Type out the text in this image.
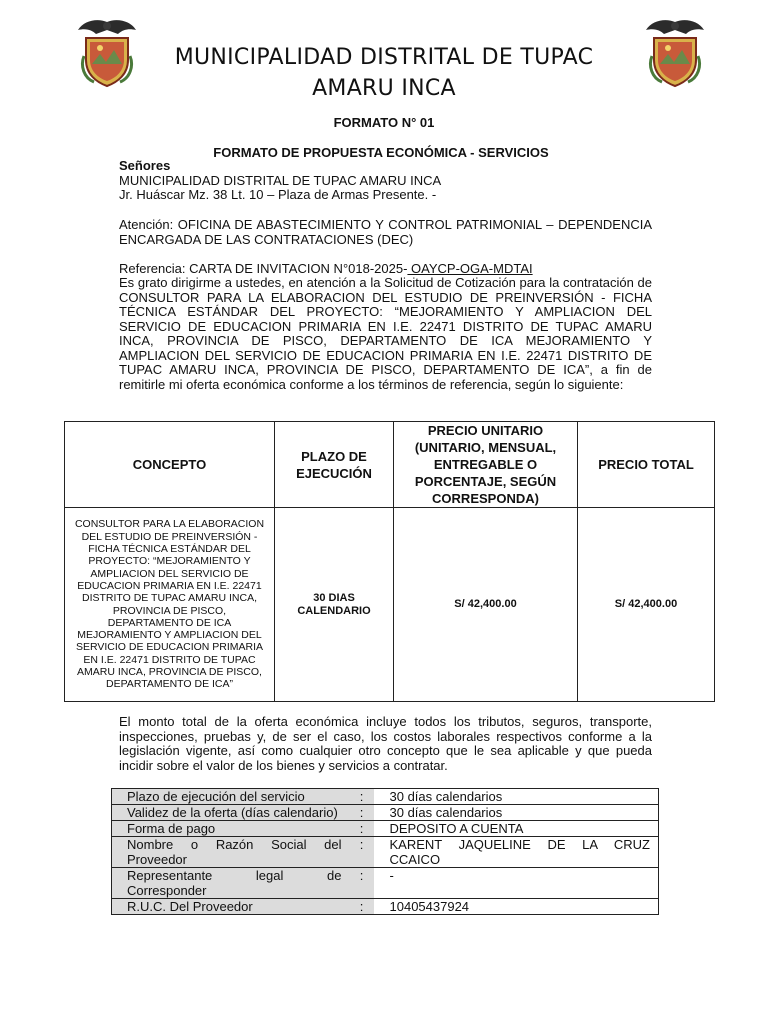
MUNICIPALIDAD DISTRITAL DE TUPAC
AMARU INCA
FORMATO N° 01
FORMATO DE PROPUESTA ECONÓMICA - SERVICIOS
Señores
MUNICIPALIDAD DISTRITAL DE TUPAC AMARU INCA
Jr. Huáscar Mz. 38 Lt. 10 – Plaza de Armas Presente. -
Atención: OFICINA DE ABASTECIMIENTO Y CONTROL PATRIMONIAL – DEPENDENCIA ENCARGADA DE LAS CONTRATACIONES (DEC)
Referencia: CARTA DE INVITACION N°018-2025- OAYCP-OGA-MDTAI
Es grato dirigirme a ustedes, en atención a la Solicitud de Cotización para la contratación de CONSULTOR PARA LA ELABORACION DEL ESTUDIO DE PREINVERSIÓN - FICHA TÉCNICA ESTÁNDAR DEL PROYECTO: “MEJORAMIENTO Y AMPLIACION DEL SERVICIO DE EDUCACION PRIMARIA EN I.E. 22471 DISTRITO DE TUPAC AMARU INCA, PROVINCIA DE PISCO, DEPARTAMENTO DE ICA MEJORAMIENTO Y AMPLIACION DEL SERVICIO DE EDUCACION PRIMARIA EN I.E. 22471 DISTRITO DE TUPAC AMARU INCA, PROVINCIA DE PISCO, DEPARTAMENTO DE ICA”, a fin de remitirle mi oferta económica conforme a los términos de referencia, según lo siguiente:
CONCEPTO	PLAZO DE EJECUCIÓN	PRECIO UNITARIO (UNITARIO, MENSUAL, ENTREGABLE O PORCENTAJE, SEGÚN CORRESPONDA)	PRECIO TOTAL
CONSULTOR PARA LA ELABORACION DEL ESTUDIO DE PREINVERSIÓN - FICHA TÉCNICA ESTÁNDAR DEL PROYECTO: “MEJORAMIENTO Y AMPLIACION DEL SERVICIO DE EDUCACION PRIMARIA EN I.E. 22471 DISTRITO DE TUPAC AMARU INCA, PROVINCIA DE PISCO, DEPARTAMENTO DE ICA MEJORAMIENTO Y AMPLIACION DEL SERVICIO DE EDUCACION PRIMARIA EN I.E. 22471 DISTRITO DE TUPAC AMARU INCA, PROVINCIA DE PISCO, DEPARTAMENTO DE ICA”	30 DIAS CALENDARIO	S/ 42,400.00	S/ 42,400.00
El monto total de la oferta económica incluye todos los tributos, seguros, transporte, inspecciones, pruebas y, de ser el caso, los costos laborales respectivos conforme a la legislación vigente, así como cualquier otro concepto que le sea aplicable y que pueda incidir sobre el valor de los bienes y servicios a contratar.
Plazo de ejecución del servicio	:	30 días calendarios
Validez de la oferta (días calendario)	:	30 días calendarios
Forma de pago	:	DEPOSITO A CUENTA
Nombre o Razón Social del Proveedor	:	KARENT JAQUELINE DE LA CRUZ CCAICO
Representante legal de Corresponder	:	-
R.U.C. Del Proveedor	:	10405437924
